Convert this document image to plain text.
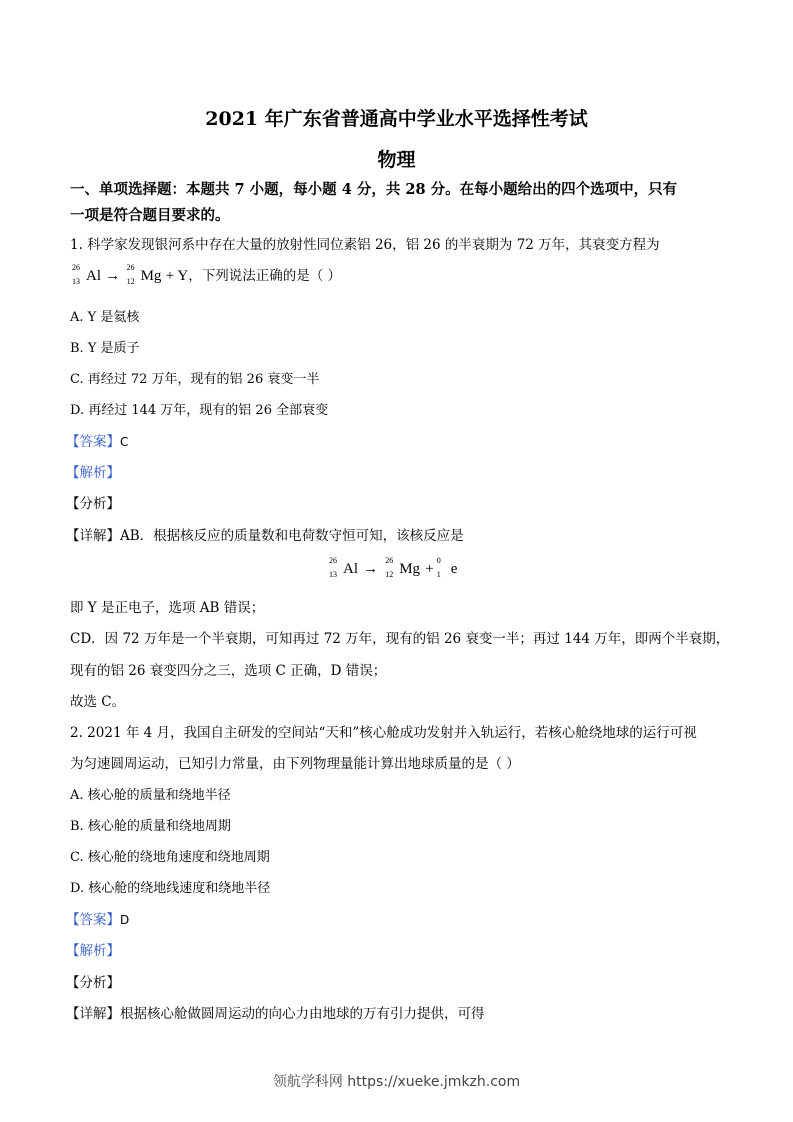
2021 年广东省普通高中学业水平选择性考试
物理
一、单项选择题：本题共 7 小题，每小题 4 分，共 28 分。在每小题给出的四个选项中，只有
一项是符合题目要求的。
1. 科学家发现银河系中存在大量的放射性同位素铝 26，铝 26 的半衰期为 72 万年，其衰变方程为
26
13 Al →
26
12 Mg + Y，下列说法正确的是（ ）
A. Y 是氦核
B. Y 是质子
C. 再经过 72 万年，现有的铝 26 衰变一半
D. 再经过 144 万年，现有的铝 26 全部衰变
【答案】C
【解析】
【分析】
【详解】AB．根据核反应的质量数和电荷数守恒可知，该核反应是
26
13 Al →
26
12 Mg +
0
1 e
即 Y 是正电子，选项 AB 错误；
CD．因 72 万年是一个半衰期，可知再过 72 万年，现有的铝 26 衰变一半；再过 144 万年，即两个半衰期，
现有的铝 26 衰变四分之三，选项 C 正确，D 错误；
故选 C。
2. 2021 年 4 月，我国自主研发的空间站“天和”核心舱成功发射并入轨运行，若核心舱绕地球的运行可视
为匀速圆周运动，已知引力常量，由下列物理量能计算出地球质量的是（ ）
A. 核心舱的质量和绕地半径
B. 核心舱的质量和绕地周期
C. 核心舱的绕地角速度和绕地周期
D. 核心舱的绕地线速度和绕地半径
【答案】D
【解析】
【分析】
【详解】根据核心舱做圆周运动的向心力由地球的万有引力提供，可得
领航学科网 https://xueke.jmkzh.com
